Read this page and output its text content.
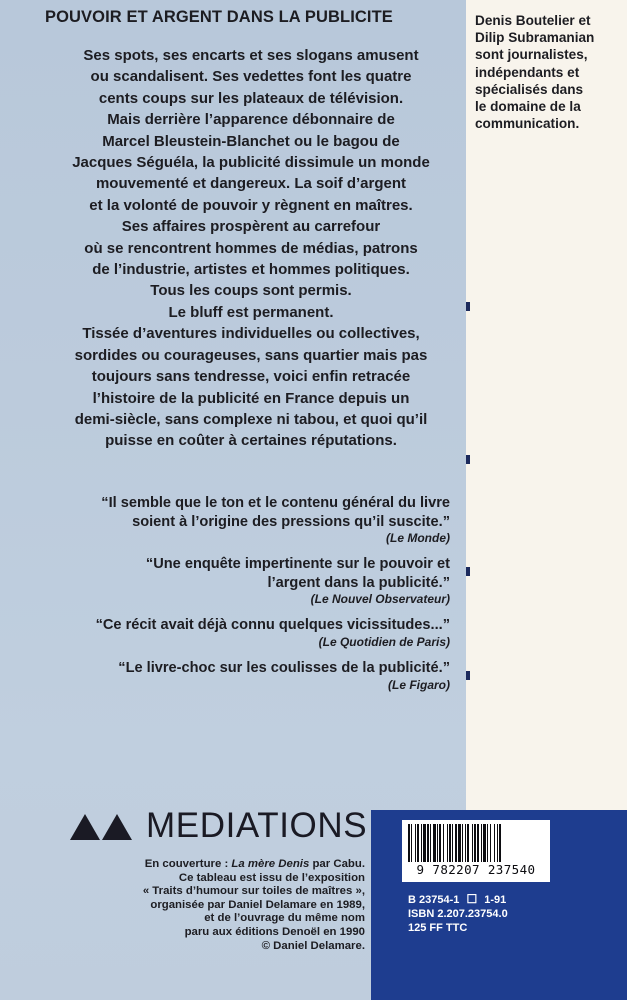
POUVOIR ET ARGENT DANS LA PUBLICITE

Ses spots, ses encarts et ses slogans amusent

ou scandalisent. Ses vedettes font les quatre

cents coups sur les plateaux de télévision.

Mais derrière l’apparence débonnaire de

Marcel Bleustein-Blanchet ou le bagou de

Jacques Séguéla, la publicité dissimule un monde

mouvementé et dangereux. La soif d’argent

et la volonté de pouvoir y règnent en maîtres.

Ses affaires prospèrent au carrefour

où se rencontrent hommes de médias, patrons

de l’industrie, artistes et hommes politiques.

Tous les coups sont permis.

Le bluff est permanent.

Tissée d’aventures individuelles ou collectives,

sordides ou courageuses, sans quartier mais pas

toujours sans tendresse, voici enfin retracée

l’histoire de la publicité en France depuis un

demi-siècle, sans complexe ni tabou, et quoi qu’il

puisse en coûter à certaines réputations.

Denis Boutelier et
Dilip Subramanian
sont journalistes,
indépendants et
spécialisés dans
le domaine de la
communication.
“Il semble que le ton et le contenu général du livre
soient à l’origine des pressions qu’il suscite.”
(Le Monde)
“Une enquête impertinente sur le pouvoir et
l’argent dans la publicité.”
(Le Nouvel Observateur)
“Ce récit avait déjà connu quelques vicissitudes...”
(Le Quotidien de Paris)
“Le livre-choc sur les coulisses de la publicité.”
(Le Figaro)
MEDIATIONS

En couverture : La mère Denis par Cabu.

Ce tableau est issu de l’exposition

« Traits d’humour sur toiles de maîtres »,

organisée par Daniel Delamare en 1989,

et de l’ouvrage du même nom

paru aux éditions Denoël en 1990

© Daniel Delamare.

9 782207 237540

B 23754-1 ☐ 1-91

ISBN 2.207.23754.0

125 FF TTC
